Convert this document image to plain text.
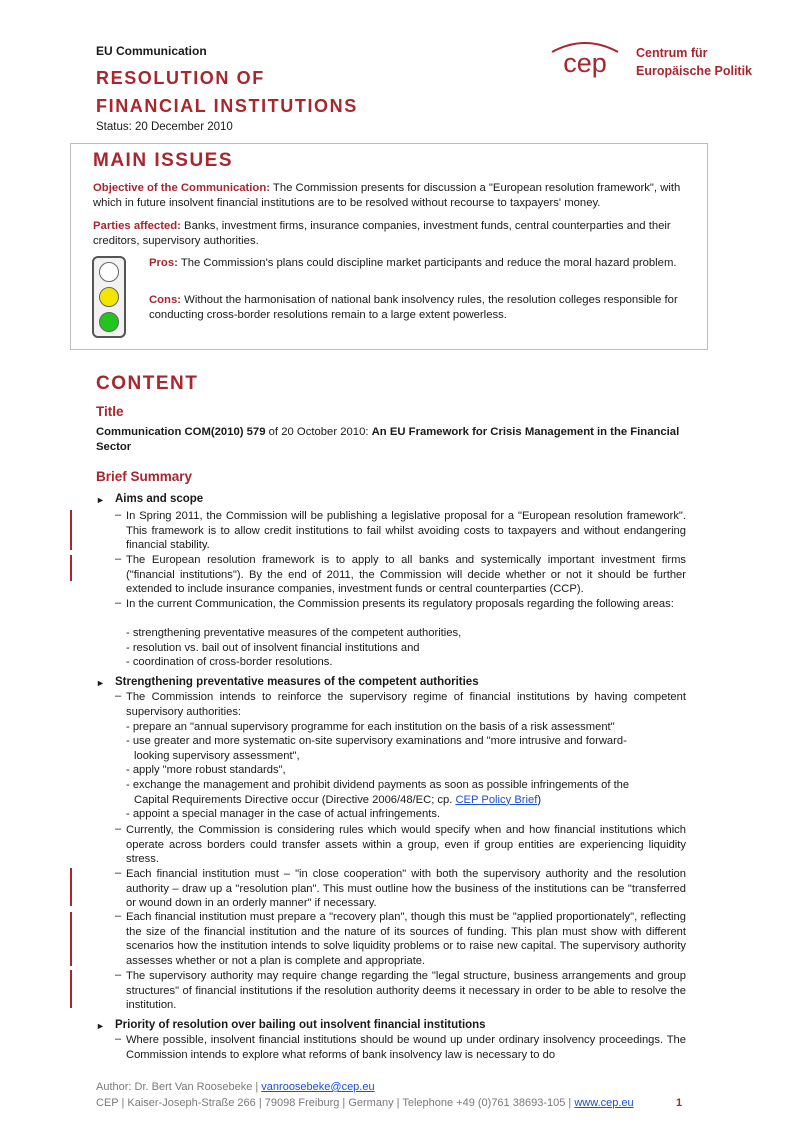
EU Communication
RESOLUTION OF
FINANCIAL INSTITUTIONS
Status: 20 December 2010
cep Centrum für
Europäische Politik
MAIN ISSUES
Objective of the Communication: The Commission presents for discussion a "European resolution framework", with which in future insolvent financial institutions are to be resolved without recourse to taxpayers' money.
Parties affected: Banks, investment firms, insurance companies, investment funds, central counterparties and their creditors, supervisory authorities.
Pros: The Commission's plans could discipline market participants and reduce the moral hazard problem.
Cons: Without the harmonisation of national bank insolvency rules, the resolution colleges responsible for conducting cross-border resolutions remain to a large extent powerless.
CONTENT
Title
Communication COM(2010) 579 of 20 October 2010: An EU Framework for Crisis Management in the Financial Sector
Brief Summary
► Aims and scope
– In Spring 2011, the Commission will be publishing a legislative proposal for a "European resolution framework". This framework is to allow credit institutions to fail whilst avoiding costs to taxpayers and without endangering financial stability.
– The European resolution framework is to apply to all banks and systemically important investment firms ("financial institutions"). By the end of 2011, the Commission will decide whether or not it should be further extended to include insurance companies, investment funds or central counterparties (CCP).
– In the current Communication, the Commission presents its regulatory proposals regarding the following areas:
- strengthening preventative measures of the competent authorities,
- resolution vs. bail out of insolvent financial institutions and
- coordination of cross-border resolutions.
► Strengthening preventative measures of the competent authorities
– The Commission intends to reinforce the supervisory regime of financial institutions by having competent supervisory authorities:
- prepare an "annual supervisory programme for each institution on the basis of a risk assessment"
- use greater and more systematic on-site supervisory examinations and "more intrusive and forward-
looking supervisory assessment",
- apply "more robust standards",
- exchange the management and prohibit dividend payments as soon as possible infringements of the
Capital Requirements Directive occur (Directive 2006/48/EC; cp. CEP Policy Brief)
- appoint a special manager in the case of actual infringements.
– Currently, the Commission is considering rules which would specify when and how financial institutions which operate across borders could transfer assets within a group, even if group entities are experiencing liquidity stress.
– Each financial institution must – "in close cooperation" with both the supervisory authority and the resolution authority – draw up a "resolution plan". This must outline how the business of the institutions can be "transferred or wound down in an orderly manner" if necessary.
– Each financial institution must prepare a "recovery plan", though this must be "applied proportionately", reflecting the size of the financial institution and the nature of its sources of funding. This plan must show with different scenarios how the institution intends to solve liquidity problems or to raise new capital. The supervisory authority assesses whether or not a plan is complete and appropriate.
– The supervisory authority may require change regarding the "legal structure, business arrangements and group structures" of financial institutions if the resolution authority deems it necessary in order to be able to resolve the institution.
► Priority of resolution over bailing out insolvent financial institutions
– Where possible, insolvent financial institutions should be wound up under ordinary insolvency proceedings. The Commission intends to explore what reforms of bank insolvency law is necessary to do
Author: Dr. Bert Van Roosebeke | vanroosebeke@cep.eu
CEP | Kaiser-Joseph-Straße 266 | 79098 Freiburg | Germany | Telephone +49 (0)761 38693-105 | www.cep.eu	1
